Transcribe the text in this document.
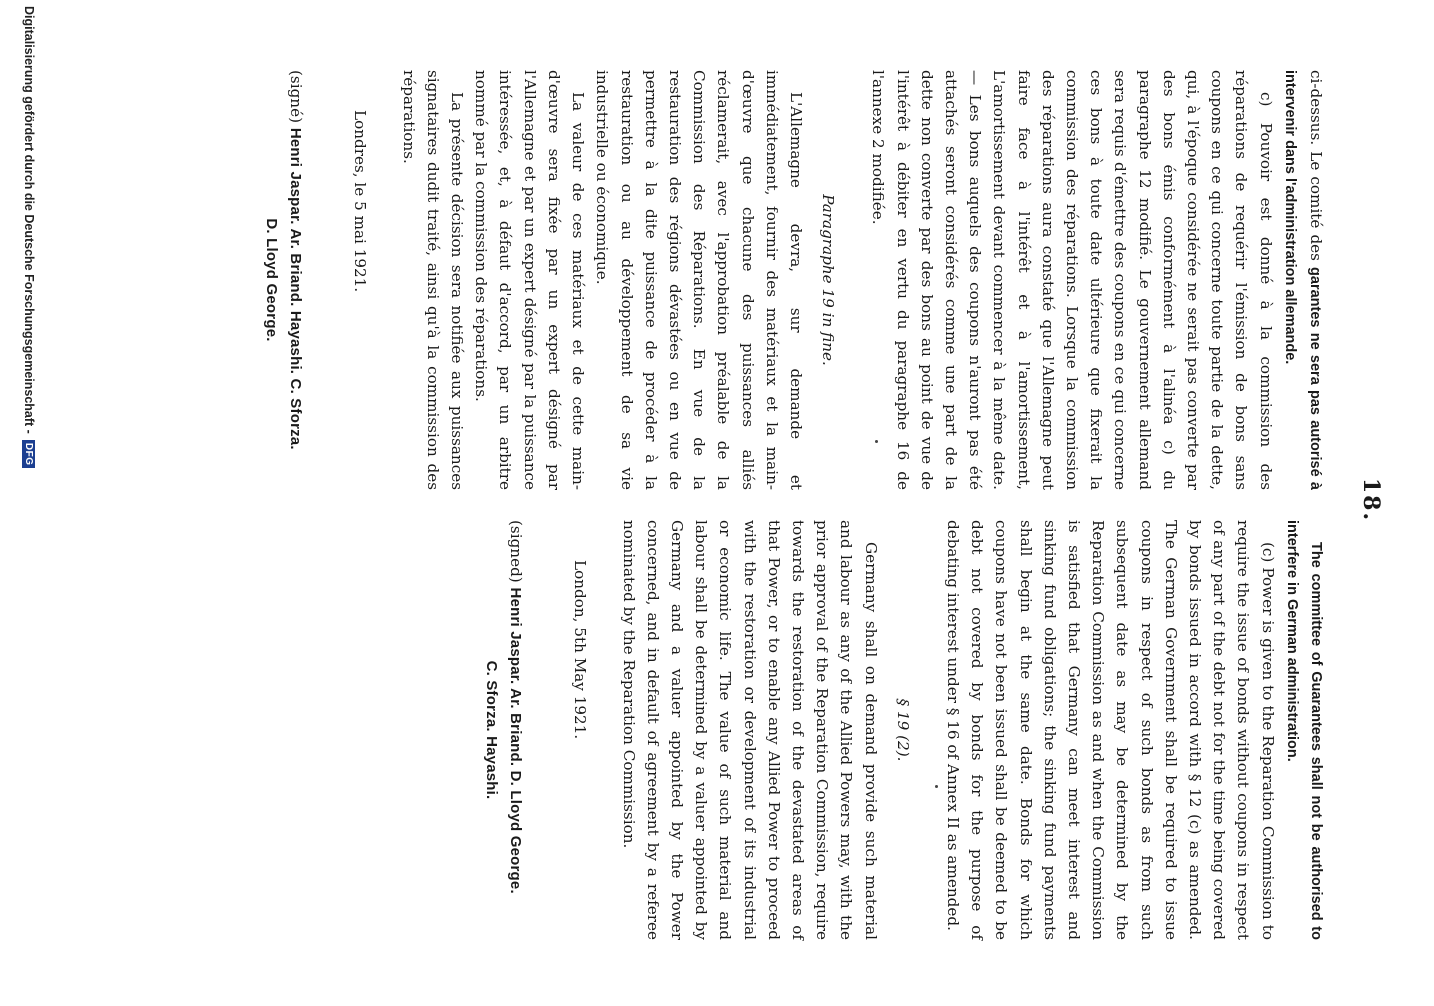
18.

The committee of Guarantees shall not be authorised to interfere in German administration.

(c) Power is given to the Reparation Commission to require the issue of bonds without coupons in respect of any part of the debt not for the time being covered by bonds issued in accord with § 12 (c) as amended. The German Government shall be required to issue coupons in respect of such bonds as from such subsequent date as may be determined by the Reparation Commission as and when the Commission is satisfied that Germany can meet interest and sinking fund obligations; the sinking fund payments shall begin at the same date. Bonds for which coupons have not been issued shall be deemed to be debt not covered by bonds for the purpose of debating interest under § 16 of Annex II as amended.

§ 19 (2).

Germany shall on demand provide such material and labour as any of the Allied Powers may, with the prior approval of the Reparation Commission, require towards the restoration of the devastated areas of that Power, or to enable any Allied Power to proceed with the restoration or development of its industrial or economic life. The value of such material and labour shall be determined by a valuer appointed by Germany and a valuer appointed by the Power concerned, and in default of agreement by a referee nominated by the Reparation Commission.

London, 5th May 1921.

(signed) Henri Jaspar. Ar. Briand. D. Lloyd George.

C. Sforza. Hayashi.

ci-dessus. Le comité des garantes ne sera pas autorisé à intervenir dans l'administration allemande.

c) Pouvoir est donné à la commission des réparations de requérir l'émission de bons sans coupons en ce qui concerne toute partie de la dette, qui, à l'époque considérée ne serait pas converte par des bons émis conformément à l'alinéa c) du paragraphe 12 modifié. Le gouvernement allemand sera requis d'émettre des coupons en ce qui concerne ces bons à toute date ultérieure que fixerait la commission des réparations. Lorsque la commission des réparations aura constaté que l'Allemagne peut faire face à l'intérêt et à l'amortissement, L'amortissement devant commencer à la même date. — Les bons auquels des coupons n'auront pas été attachés seront considérés comme une part de la dette non converte par des bons au point de vue de l'intérêt à débiter en vertu du paragraphe 16 de l'annexe 2 modifiée.

Paragraphe 19 in fine.

L'Allemagne devra, sur demande et immédiatement, fournir des matériaux et la main-d'œuvre que chacune des puissances alliés réclamerait, avec l'approbation préalable de la Commission des Réparations. En vue de la restauration des régions dévastées ou en vue de permettre à la dite puissance de procéder à la restauration ou au développement de sa vie industrielle ou économique.

La valeur de ces matériaux et de cette main-d'œuvre sera fixée par un expert désigné par l'Allemagne et par un expert désigné par la puissance intéressée, et, à défaut d'accord, par un arbitre nommé par la commission des réparations.

La présente décision sera notifiée aux puissances signataires dudit traité, ainsi qu'à la commission des réparations.

Londres, le 5 mai 1921.

(signé) Henri Jaspar. Ar. Briand. Hayashi. C. Sforza.

D. Lloyd George.

Digitalisierung gefördert durch die Deutsche Forschungsgemeinschaft -
DFG
